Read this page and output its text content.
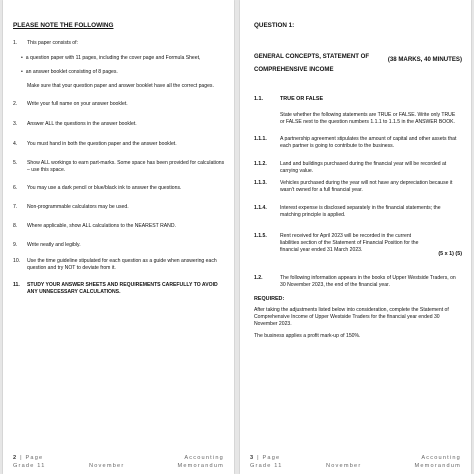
PLEASE NOTE THE FOLLOWING
1. This paper consists of:
• a question paper with 11 pages, including the cover page and Formula Sheet,
• an answer booklet consisting of 8 pages.
Make sure that your question paper and answer booklet have all the correct pages.
2. Write your full name on your answer booklet.
3. Answer ALL the questions in the answer booklet.
4. You must hand in both the question paper and the answer booklet.
5. Show ALL workings to earn part-marks. Some space has been provided for calculations – use this space.
6. You may use a dark pencil or blue/black ink to answer the questions.
7. Non-programmable calculators may be used.
8. Where applicable, show ALL calculations to the NEAREST RAND.
9. Write neatly and legibly.
10. Use the time guideline stipulated for each question as a guide when answering each question and try NOT to deviate from it.
11. STUDY YOUR ANSWER SHEETS AND REQUIREMENTS CAREFULLY TO AVOID ANY UNNECESSARY CALCULATIONS.
2 | Page	Accounting
Grade 11	November	Memorandum
QUESTION 1:
GENERAL CONCEPTS, STATEMENT OF COMPREHENSIVE INCOME
(38 MARKS, 40 MINUTES)
1.1.	TRUE OR FALSE
State whether the following statements are TRUE or FALSE. Write only TRUE or FALSE next to the question numbers 1.1.1 to 1.1.5 in the ANSWER BOOK.
1.1.1.	A partnership agreement stipulates the amount of capital and other assets that each partner is going to contribute to the business.
1.1.2.	Land and buildings purchased during the financial year will be recorded at carrying value.
1.1.3.	Vehicles purchased during the year will not have any depreciation because it wasn't owned for a full financial year.
1.1.4.	Interest expense is disclosed separately in the financial statements; the matching principle is applied.
1.1.5.	Rent received for April 2023 will be recorded in the current liabilities section of the Statement of Financial Position for the financial year ended 31 March 2023.
(5 x 1) (5)
1.2.	The following information appears in the books of Upper Westside Traders, on 30 November 2023, the end of the financial year.
REQUIRED:
After taking the adjustments listed below into consideration, complete the Statement of Comprehensive Income of Upper Westside Traders for the financial year ended 30 November 2023.
The business applies a profit mark-up of 150%.
3 | Page	Accounting
Grade 11	November	Memorandum
